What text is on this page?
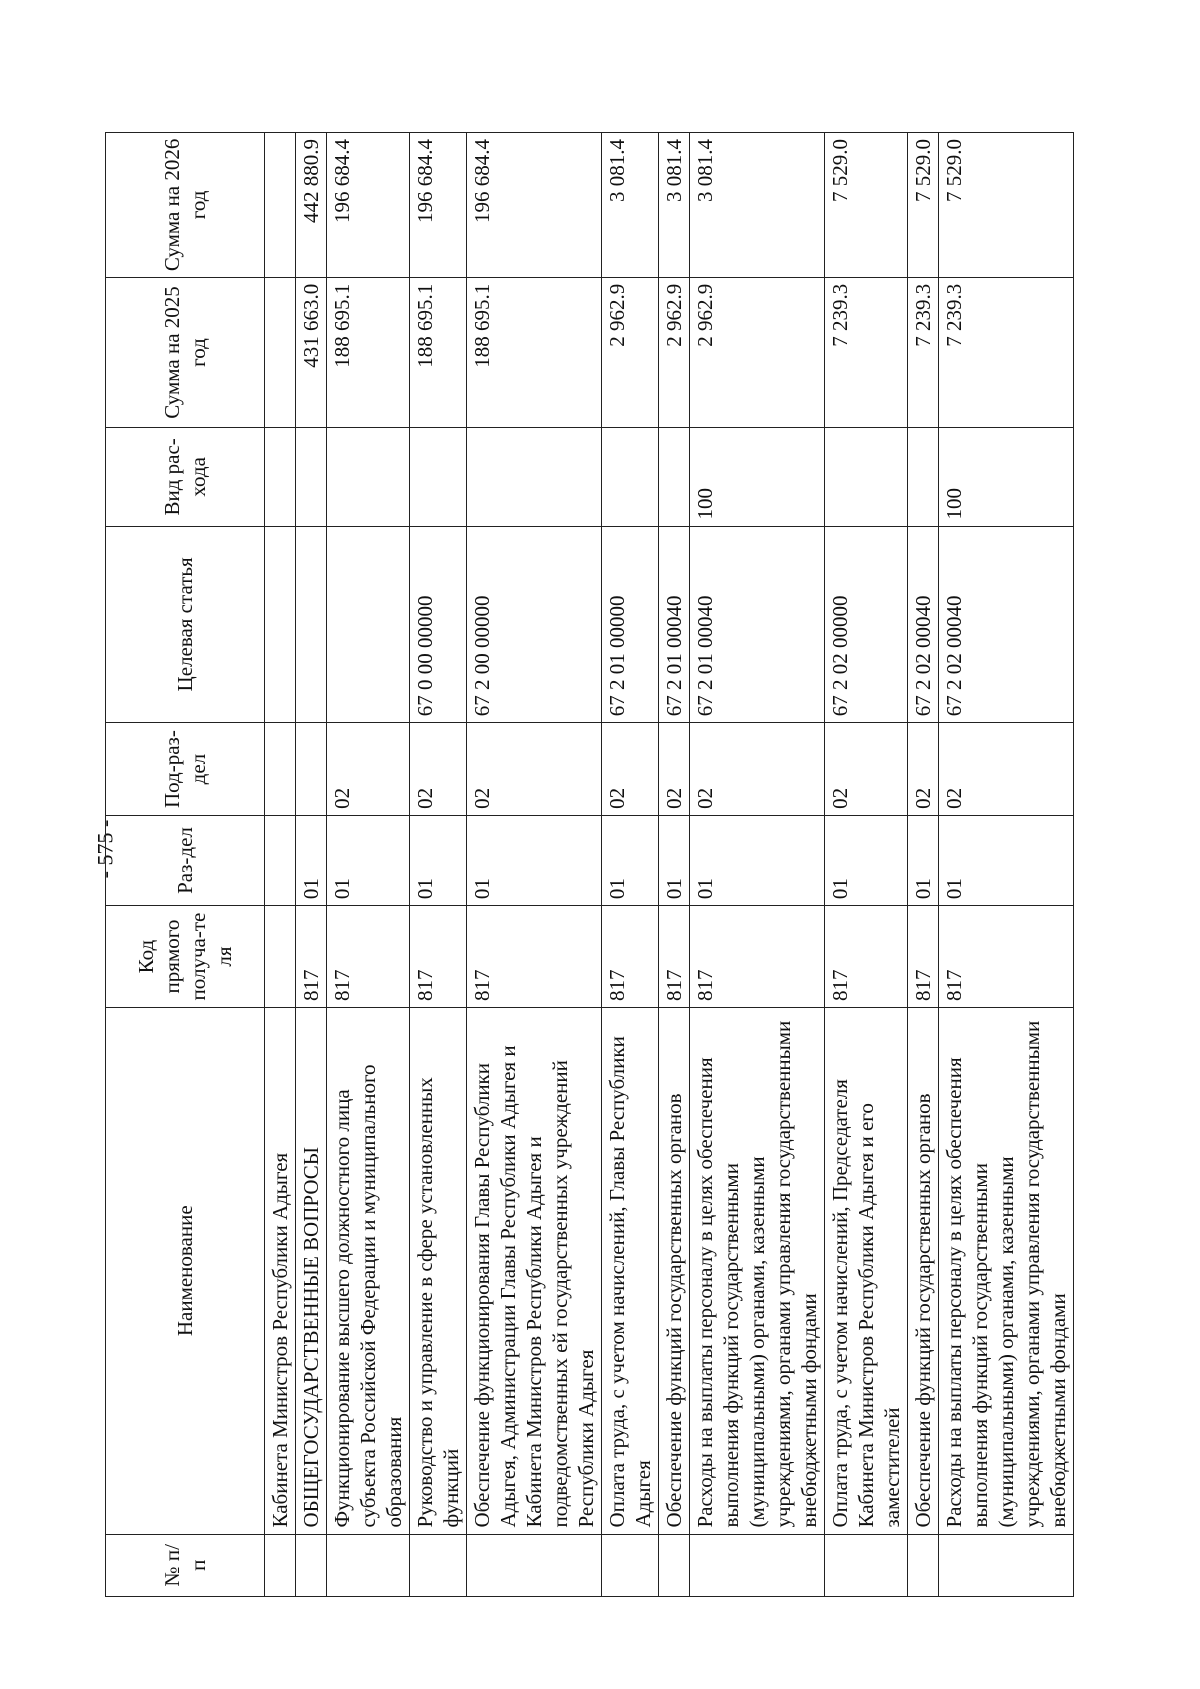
- 575 -
№ п/п	Наименование	Код прямого получа-те ля	Раз-дел	Под-раз-дел	Целевая статья	Вид рас-хода	Сумма на 2025 год	Сумма на 2026 год
	Кабинета Министров Республики Адыгея							
	ОБЩЕГОСУДАРСТВЕННЫЕ ВОПРОСЫ	817	01				431 663.0	442 880.9
	Функционирование высшего должностного лица субъекта Российской Федерации и муниципального образования	817	01	02			188 695.1	196 684.4
	Руководство и управление в сфере установленных функций	817	01	02	67 0 00 00000		188 695.1	196 684.4
	Обеспечение функционирования Главы Республики Адыгея, Администрации Главы Республики Адыгея и Кабинета Министров Республики Адыгея и подведомственных ей государственных учреждений Республики Адыгея	817	01	02	67 2 00 00000		188 695.1	196 684.4
	Оплата труда, с учетом начислений, Главы Республики Адыгея	817	01	02	67 2 01 00000		2 962.9	3 081.4
	Обеспечение функций государственных органов	817	01	02	67 2 01 00040		2 962.9	3 081.4
	Расходы на выплаты персоналу в целях обеспечения выполнения функций государственными (муниципальными) органами, казенными учреждениями, органами управления государственными внебюджетными фондами	817	01	02	67 2 01 00040	100	2 962.9	3 081.4
	Оплата труда, с учетом начислений, Председателя Кабинета Министров Республики Адыгея и его заместителей	817	01	02	67 2 02 00000		7 239.3	7 529.0
	Обеспечение функций государственных органов	817	01	02	67 2 02 00040		7 239.3	7 529.0
	Расходы на выплаты персоналу в целях обеспечения выполнения функций государственными (муниципальными) органами, казенными учреждениями, органами управления государственными внебюджетными фондами	817	01	02	67 2 02 00040	100	7 239.3	7 529.0
